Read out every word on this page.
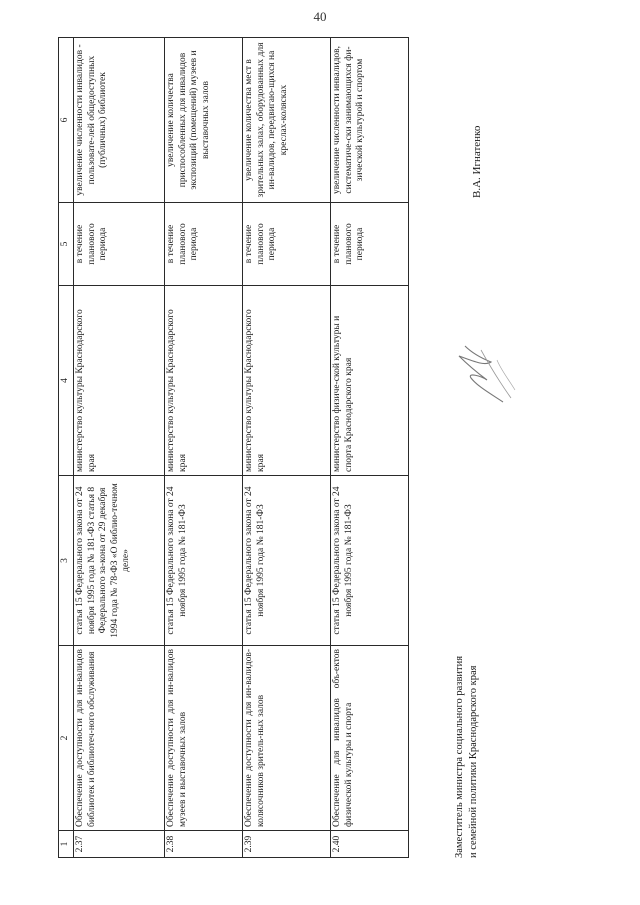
40
1	2	3	4	5	6
2.37	Обеспечение доступности для ин-валидов библиотек и библиотеч-ного обслуживания	статья 15 Федерального закона от 24 ноября 1995 года № 181-ФЗ статья 8 Федерального за-кона от 29 декабря 1994 года № 78-ФЗ «О библио-течном деле»	министерство культуры Краснодарского края	в течение планового периода	увеличение численности инвалидов - пользовате-лей общедоступных (публичных) библиотек
2.38	Обеспечение доступности для ин-валидов музеев и выставочных залов	статья 15 Федерального закона от 24 ноября 1995 года № 181-ФЗ	министерство культуры Краснодарского края	в течение планового периода	увеличение количества приспособленных для инвалидов экспозиций (помещений) музеев и выставочных залов
2.39	Обеспечение доступности для ин-валидов-колясочников зритель-ных залов	статья 15 Федерального закона от 24 ноября 1995 года № 181-ФЗ	министерство культуры Краснодарского края	в течение планового периода	увеличение количества мест в зрительных залах, оборудованных для ин-валидов, передвигаю-щихся на креслах-колясках
2.40	Обеспечение для инвалидов объ-ектов физической культуры и спорта	статья 15 Федерального закона от 24 ноября 1995 года № 181-ФЗ	министерство физиче-ской культуры и спорта Краснодарского края	в течение планового периода	увеличение численности инвалидов, систематиче-ски занимающихся фи-зической культурой и спортом
Заместитель министра социального развития и семейной политики Краснодарского края
В.А. Игнатенко
